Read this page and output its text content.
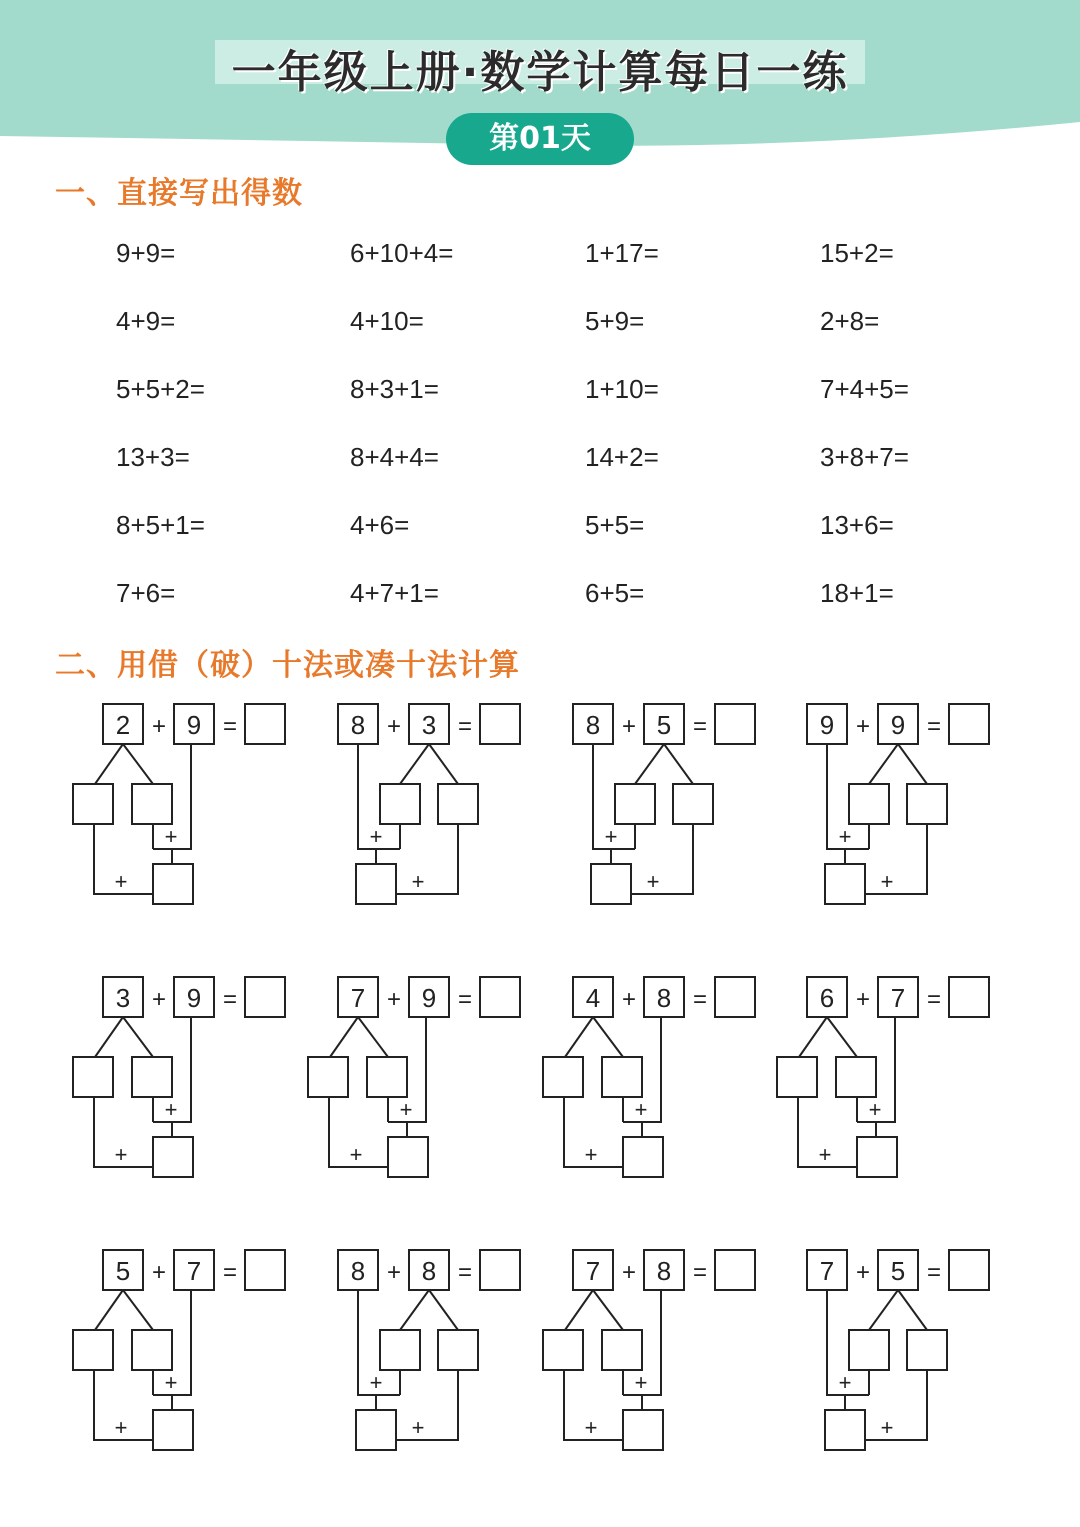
一年级上册·数学计算每日一练
第01天
一、直接写出得数
9+9=	6+10+4=	1+17=	15+2=
4+9=	4+10=	5+9=	2+8=
5+5+2=	8+3+1=	1+10=	7+4+5=
13+3=	8+4+4=	14+2=	3+8+7=
8+5+1=	4+6=	5+5=	13+6=
7+6=	4+7+1=	6+5=	18+1=
二、用借（破）十法或凑十法计算
2 + 9 =
+
+
8 + 3 =
+
+
8 + 5 =
+
+
9 + 9 =
+
+
3 + 9 =
+
+
7 + 9 =
+
+
4 + 8 =
+
+
6 + 7 =
+
+
5 + 7 =
+
+
8 + 8 =
+
+
7 + 8 =
+
+
7 + 5 =
+
+
